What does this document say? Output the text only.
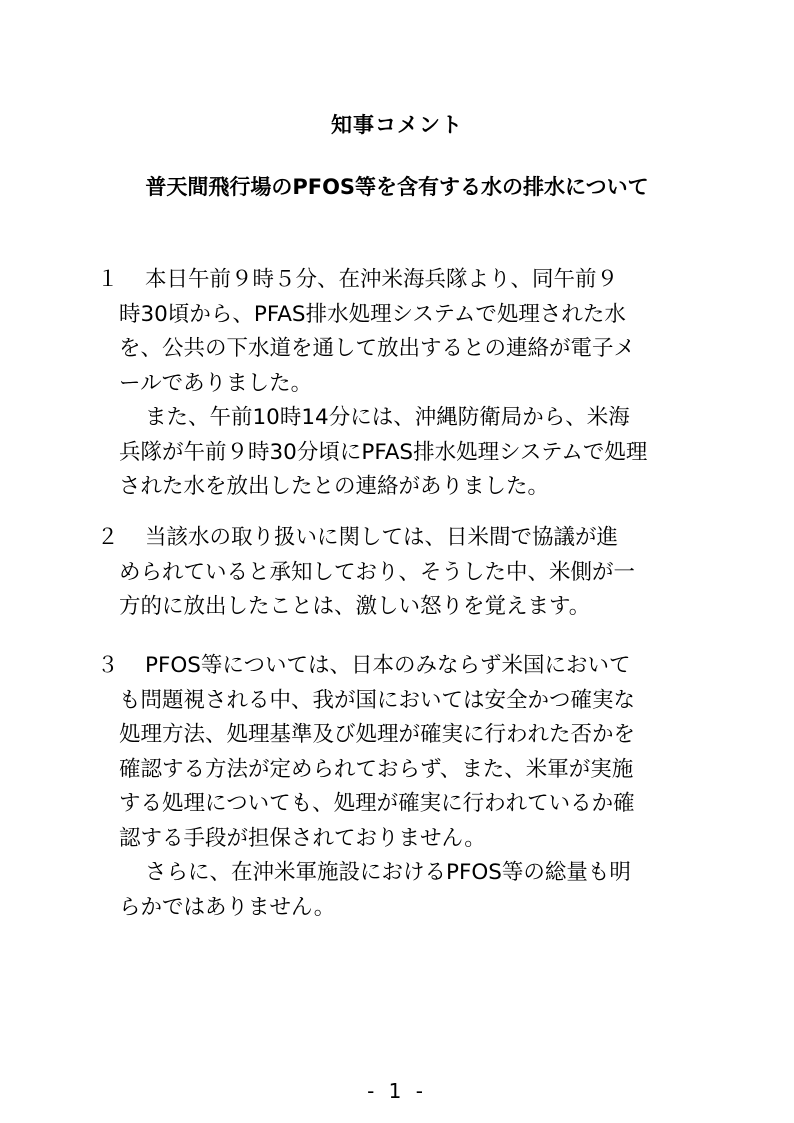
知事コメント
普天間飛行場のPFOS等を含有する水の排水について
１ 本日午前９時５分、在沖米海兵隊より、同午前９
時30頃から、PFAS排水処理システムで処理された水
を、公共の下水道を通して放出するとの連絡が電子メ
ールでありました。
また、午前10時14分には、沖縄防衛局から、米海
兵隊が午前９時30分頃にPFAS排水処理システムで処理
された水を放出したとの連絡がありました。
２ 当該水の取り扱いに関しては、日米間で協議が進
められていると承知しており、そうした中、米側が一
方的に放出したことは、激しい怒りを覚えます。
３ PFOS等については、日本のみならず米国において
も問題視される中、我が国においては安全かつ確実な
処理方法、処理基準及び処理が確実に行われた否かを
確認する方法が定められておらず、また、米軍が実施
する処理についても、処理が確実に行われているか確
認する手段が担保されておりません。
さらに、在沖米軍施設におけるPFOS等の総量も明
らかではありません。
- 1 -
